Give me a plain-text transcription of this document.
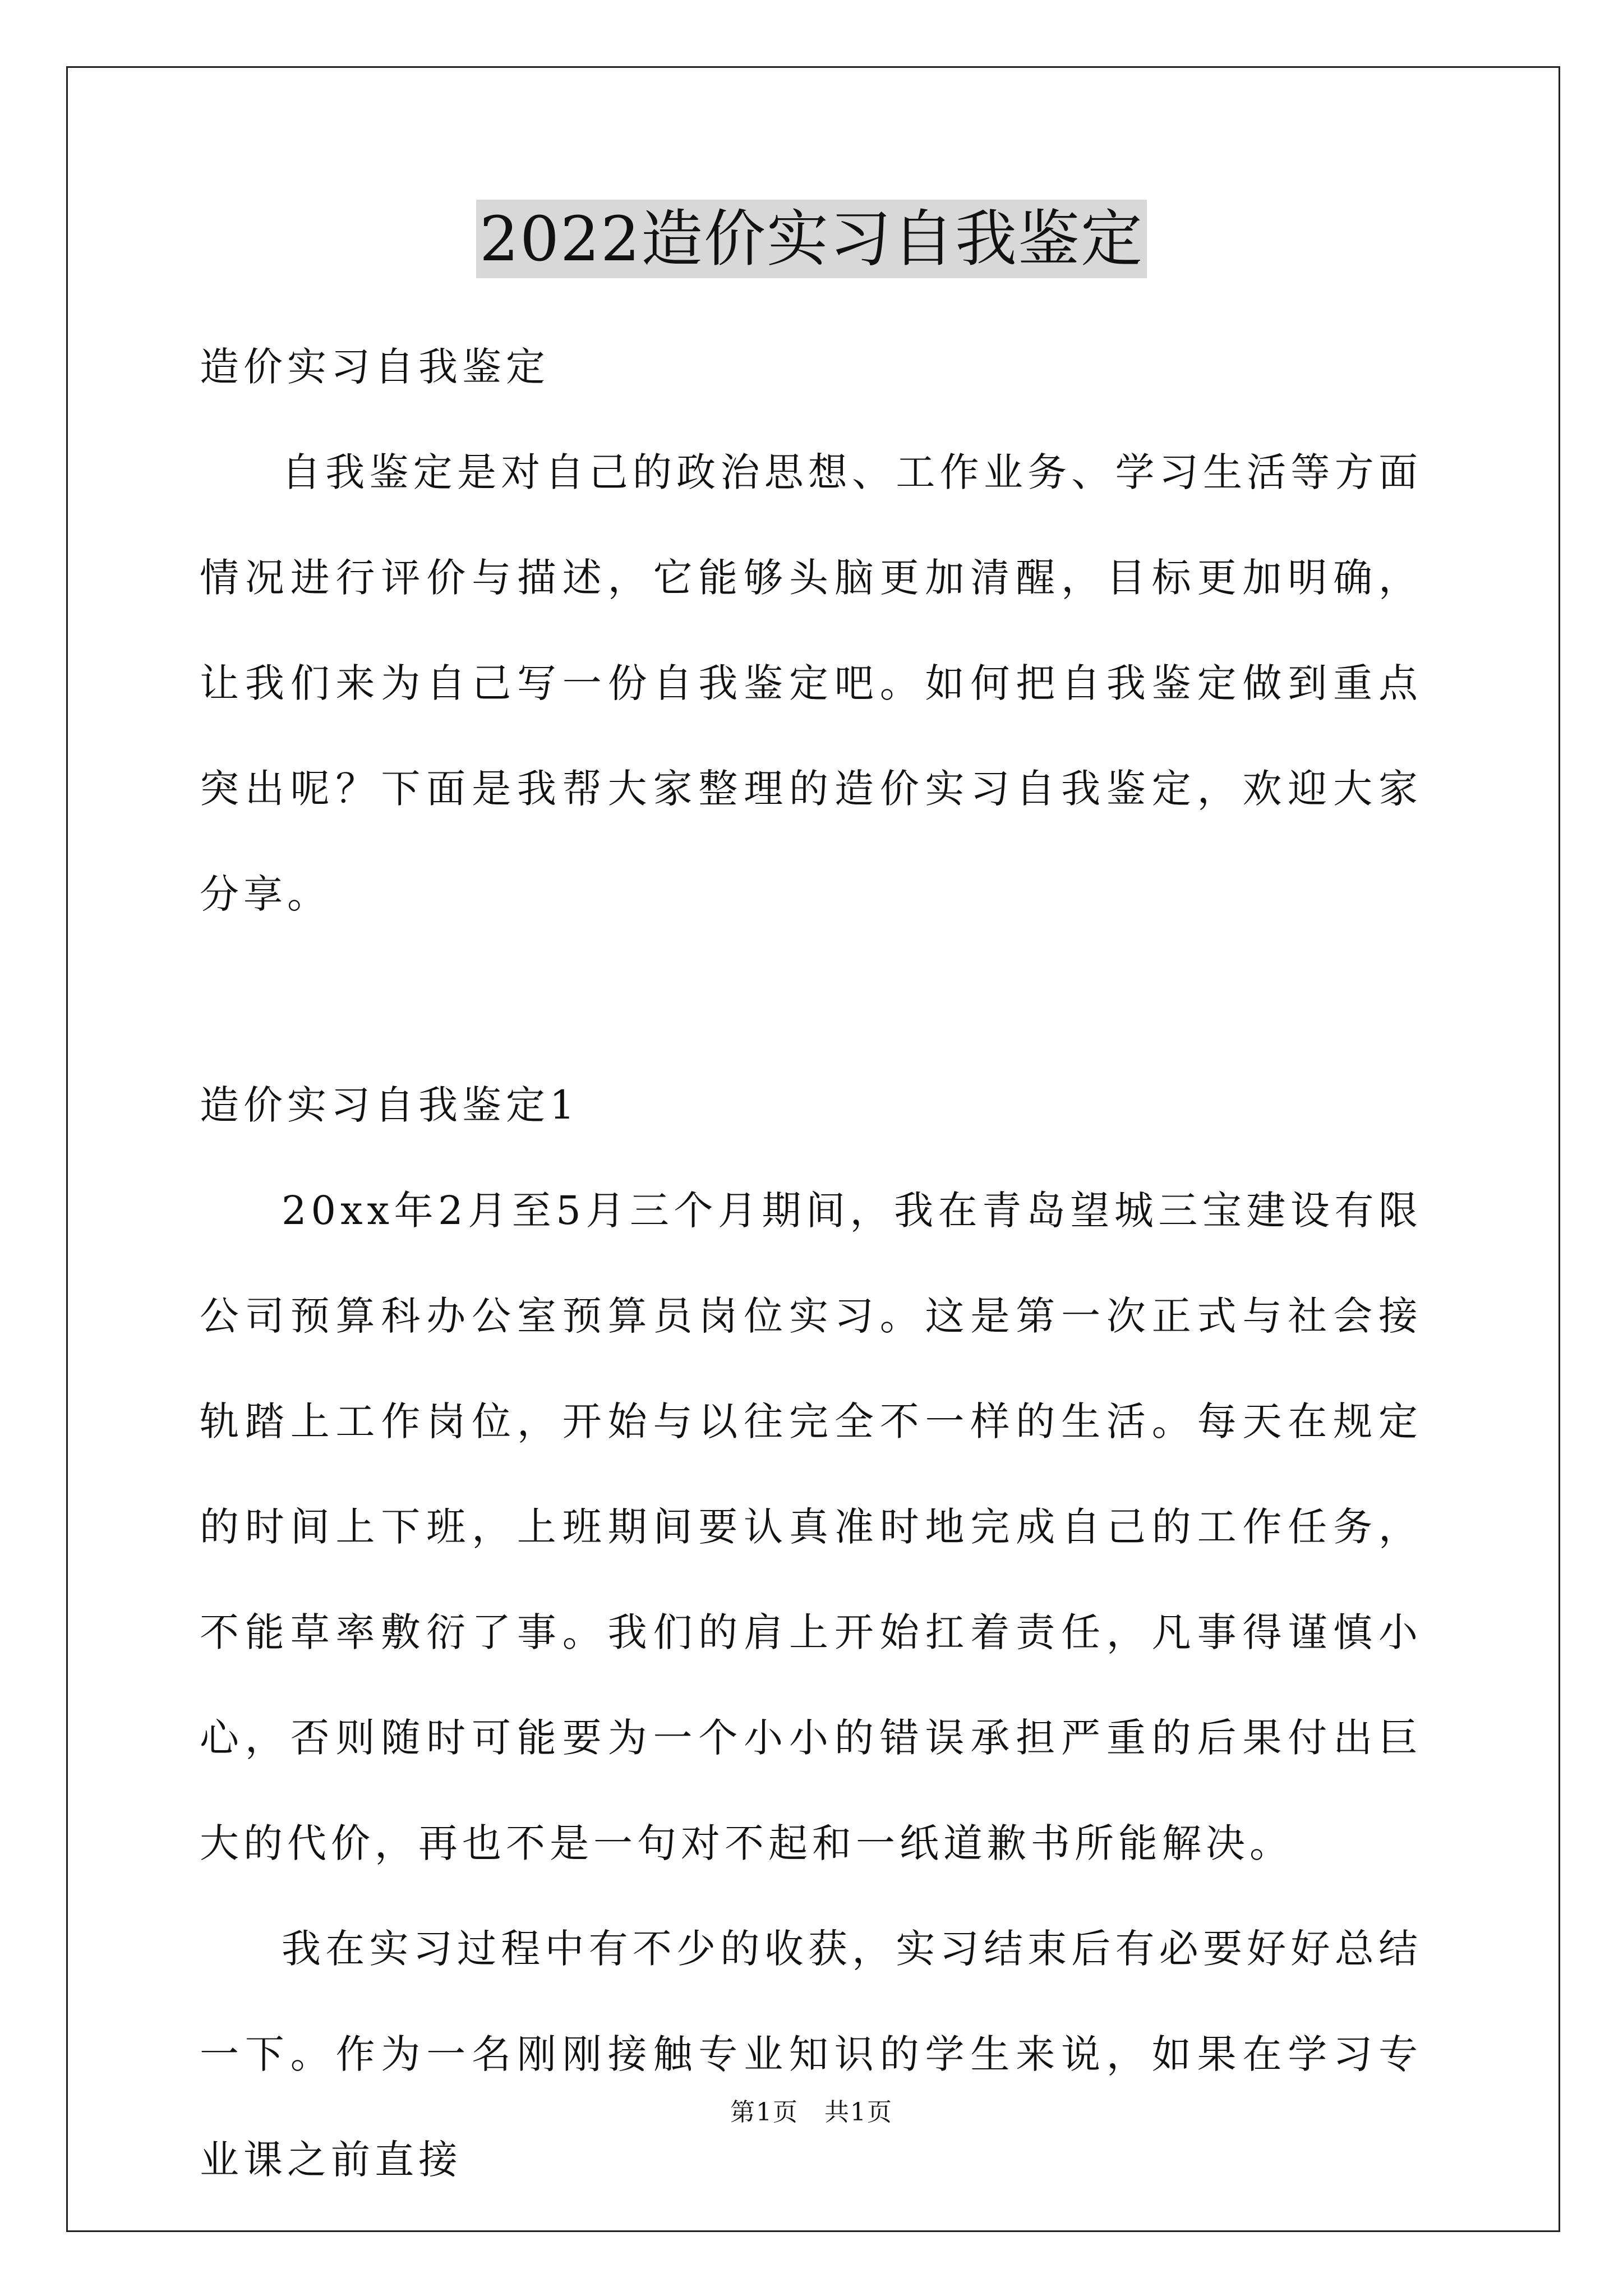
2022造价实习自我鉴定

造价实习自我鉴定

自我鉴定是对自己的政治思想、工作业务、学习生活等方面情况进行评价与描述，它能够头脑更加清醒，目标更加明确，让我们来为自己写一份自我鉴定吧。如何把自我鉴定做到重点突出呢？下面是我帮大家整理的造价实习自我鉴定，欢迎大家分享。

造价实习自我鉴定1

20xx年2月至5月三个月期间，我在青岛望城三宝建设有限公司预算科办公室预算员岗位实习。这是第一次正式与社会接轨踏上工作岗位，开始与以往完全不一样的生活。每天在规定的时间上下班，上班期间要认真准时地完成自己的工作任务，不能草率敷衍了事。我们的肩上开始扛着责任，凡事得谨慎小心，否则随时可能要为一个小小的错误承担严重的后果付出巨大的代价，再也不是一句对不起和一纸道歉书所能解决。

我在实习过程中有不少的收获，实习结束后有必要好好总结一下。作为一名刚刚接触专业知识的学生来说，如果在学习专业课之前直接

第1页　共1页
